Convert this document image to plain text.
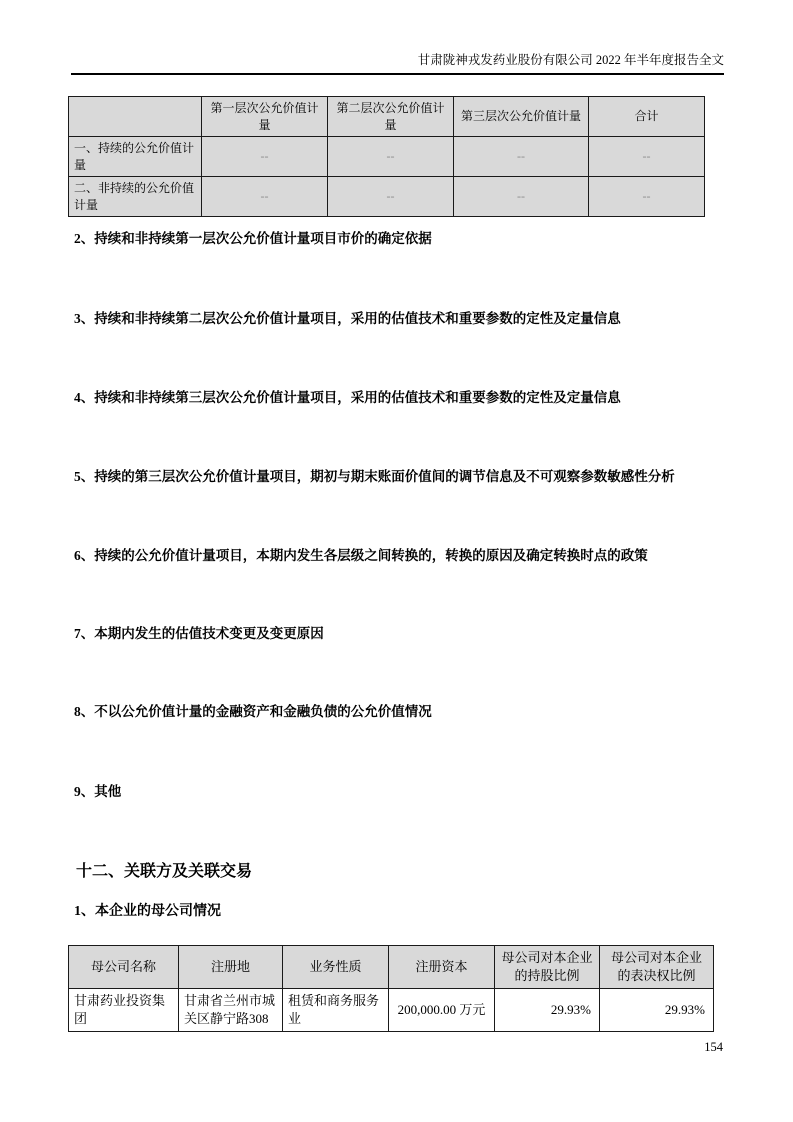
甘肃陇神戎发药业股份有限公司 2022 年半年度报告全文
	第一层次公允价值计量	第二层次公允价值计量	第三层次公允价值计量	合计
一、持续的公允价值计量	--	--	--	--
二、非持续的公允价值计量	--	--	--	--
2、持续和非持续第一层次公允价值计量项目市价的确定依据
3、持续和非持续第二层次公允价值计量项目，采用的估值技术和重要参数的定性及定量信息
4、持续和非持续第三层次公允价值计量项目，采用的估值技术和重要参数的定性及定量信息
5、持续的第三层次公允价值计量项目，期初与期末账面价值间的调节信息及不可观察参数敏感性分析
6、持续的公允价值计量项目，本期内发生各层级之间转换的，转换的原因及确定转换时点的政策
7、本期内发生的估值技术变更及变更原因
8、不以公允价值计量的金融资产和金融负债的公允价值情况
9、其他
十二、关联方及关联交易
1、本企业的母公司情况
母公司名称	注册地	业务性质	注册资本	母公司对本企业的持股比例	母公司对本企业的表决权比例
甘肃药业投资集团	甘肃省兰州市城关区静宁路308	租赁和商务服务业	200,000.00 万元	29.93%	29.93%
154
